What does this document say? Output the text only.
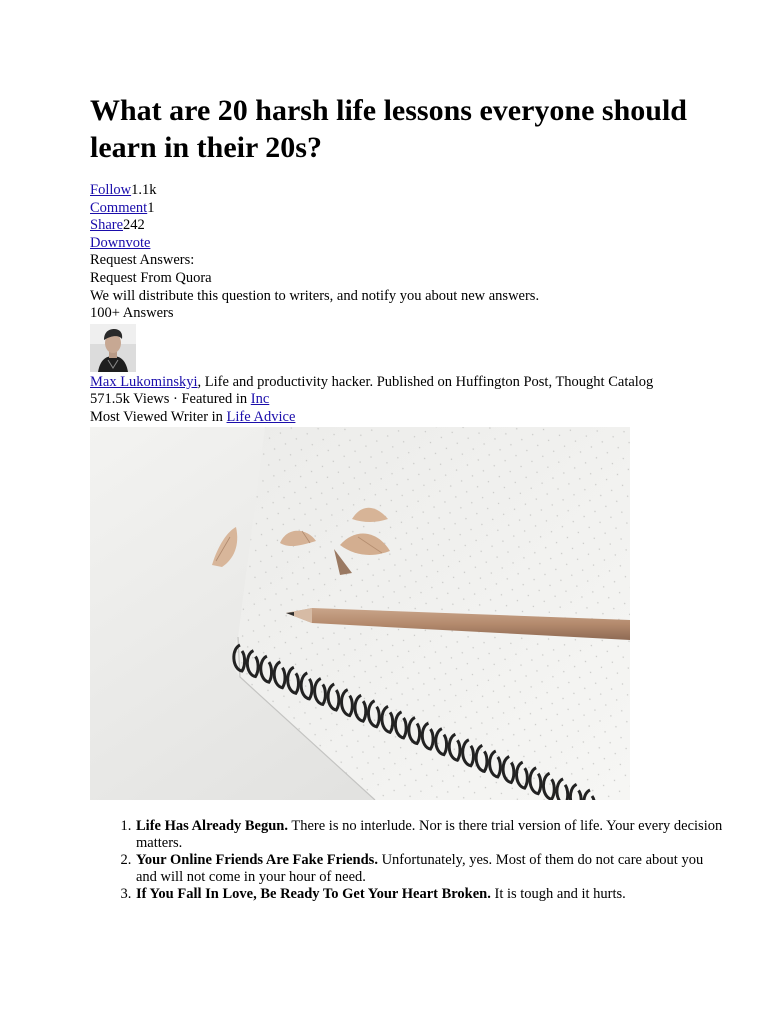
What are 20 harsh life lessons everyone should learn in their 20s?
Follow1.1k
Comment1
Share242
Downvote
Request Answers:
Request From Quora
We will distribute this question to writers, and notify you about new answers.
100+ Answers
Max Lukominskyi, Life and productivity hacker. Published on Huffington Post, Thought Catalog
571.5k Views · Featured in Inc
Most Viewed Writer in Life Advice
1. Life Has Already Begun. There is no interlude. Nor is there trial version of life. Your every decision matters.
2. Your Online Friends Are Fake Friends. Unfortunately, yes. Most of them do not care about you and will not come in your hour of need.
3. If You Fall In Love, Be Ready To Get Your Heart Broken. It is tough and it hurts.
